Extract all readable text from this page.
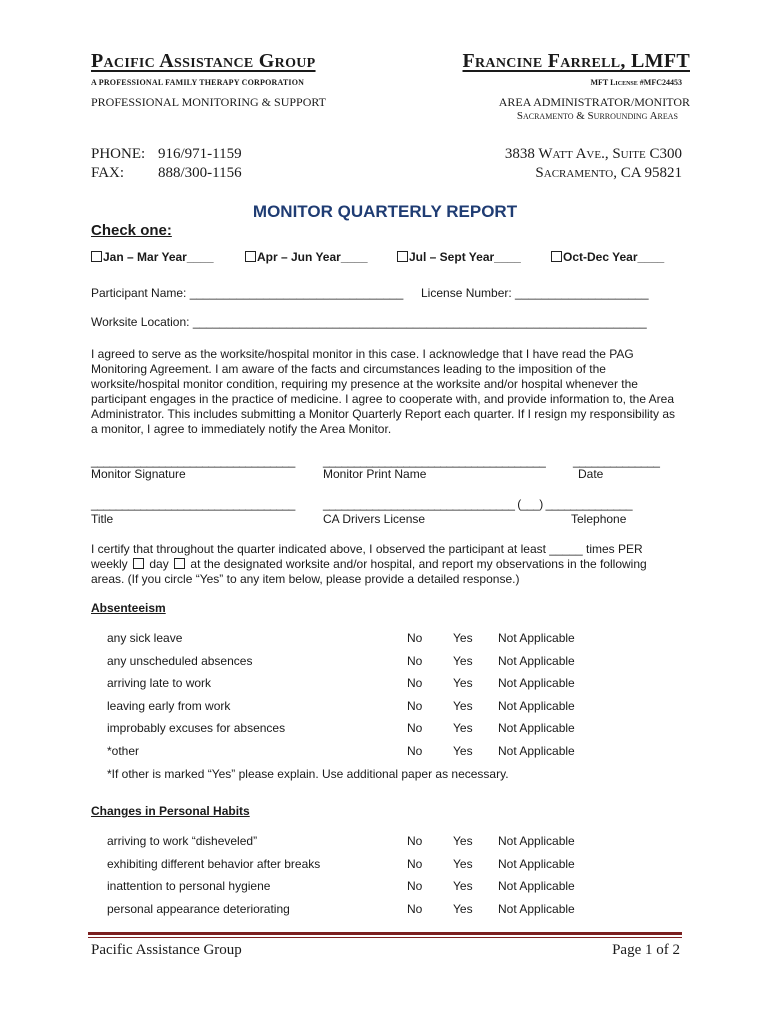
Pacific Assistance Group
A PROFESSIONAL FAMILY THERAPY CORPORATION
PROFESSIONAL MONITORING & SUPPORT
Francine Farrell, LMFT
MFT License #MFC24453
AREA ADMINISTRATOR/MONITOR
Sacramento & Surrounding Areas
PHONE: 916/971-1159
FAX: 888/300-1156
3838 Watt Ave., Suite C300
Sacramento, CA 95821
MONITOR QUARTERLY REPORT
Check one:
Jan – Mar Year____	Apr – Jun Year____	Jul – Sept Year____	Oct-Dec Year____
Participant Name: ________________________________ License Number: ____________________
Worksite Location: ____________________________________________________________________
I agreed to serve as the worksite/hospital monitor in this case. I acknowledge that I have read the PAG Monitoring Agreement. I am aware of the facts and circumstances leading to the imposition of the worksite/hospital monitor condition, requiring my presence at the worksite and/or hospital whenever the participant engages in the practice of medicine. I agree to cooperate with, and provide information to, the Area Administrator. This includes submitting a Monitor Quarterly Report each quarter. If I resign my responsibility as a monitor, I agree to immediately notify the Area Monitor.
_________________________________ ____________________________________ ______________
Monitor Signature	Monitor Print Name	Date
_________________________________ _______________________________ (___) ______________
Title	CA Drivers License	Telephone
I certify that throughout the quarter indicated above, I observed the participant at least _____ times PER
weekly day at the designated worksite and/or hospital, and report my observations in the following
areas. (If you circle “Yes” to any item below, please provide a detailed response.)
Absenteeism
any sick leave	No	Yes Not Applicable
any unscheduled absences	No	Yes Not Applicable
arriving late to work	No	Yes Not Applicable
leaving early from work	No	Yes Not Applicable
improbably excuses for absences	No	Yes Not Applicable
*other	No	Yes Not Applicable
*If other is marked “Yes” please explain. Use additional paper as necessary.
Changes in Personal Habits
arriving to work “disheveled”	No	Yes Not Applicable
exhibiting different behavior after breaks	No	Yes Not Applicable
inattention to personal hygiene	No	Yes Not Applicable
personal appearance deteriorating	No	Yes Not Applicable
Pacific Assistance Group	Page 1 of 2
